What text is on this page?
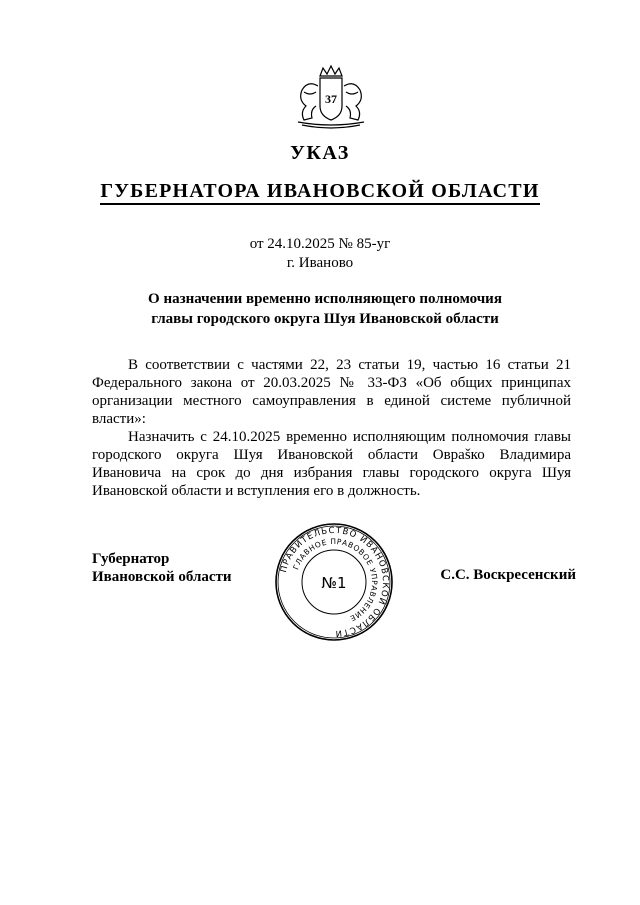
37
УКАЗ
ГУБЕРНАТОРА ИВАНОВСКОЙ ОБЛАСТИ
от 24.10.2025 № 85-уг
г. Иваново
О назначении временно исполняющего полномочия
главы городского округа Шуя Ивановской области
В соответствии с частями 22, 23 статьи 19, частью 16 статьи 21 Федерального закона от 20.03.2025 № 33-ФЗ «Об общих принципах организации местного самоуправления в единой системе публичной власти»:
Назначить с 24.10.2025 временно исполняющим полномочия главы городского округа Шуя Ивановской области Овраšко Владимира Ивановича на срок до дня избрания главы городского округа Шуя Ивановской области и вступления его в должность.
Губернатор
Ивановской области	С.С. Воскресенский
ПРАВИТЕЛЬСТВО ИВАНОВСКОЙ ОБЛАСТИ
ГЛАВНОЕ ПРАВОВОЕ УПРАВЛЕНИЕ
№1
